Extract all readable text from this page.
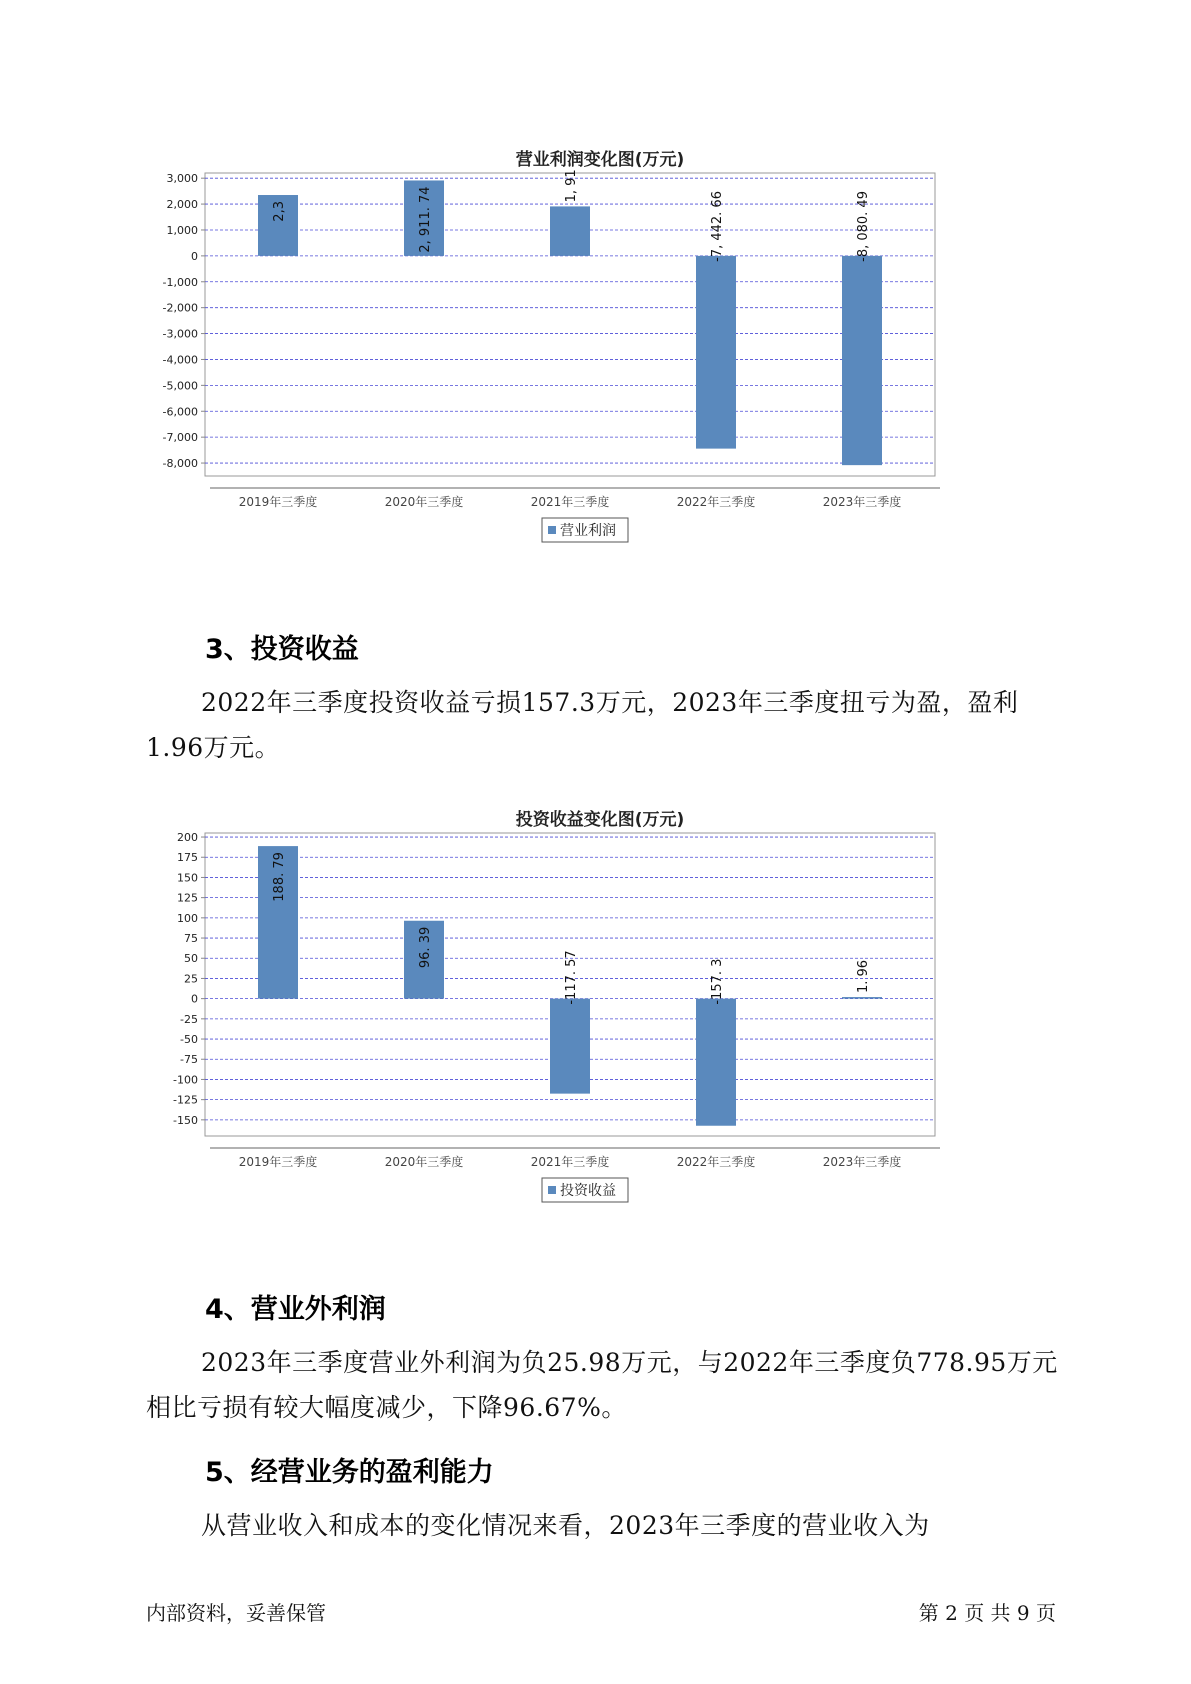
营业利润变化图(万元)
3,000
2,000
1,000
0
-1,000
-2,000
-3,000
-4,000
-5,000
-6,000
-7,000
-8,000
2,3
2019年三季度
2, 911. 74
2020年三季度
1, 91
2021年三季度
-7, 442. 66
2022年三季度
-8, 080. 49
2023年三季度
营业利润
3、投资收益

2022年三季度投资收益亏损157.3万元，2023年三季度扭亏为盈，盈利1.96万元。

投资收益变化图(万元)
200
175
150
125
100
75
50
25
0
-25
-50
-75
-100
-125
-150
188. 79
2019年三季度
96. 39
2020年三季度
-117. 57
2021年三季度
-157. 3
2022年三季度
1. 96
2023年三季度
投资收益
4、营业外利润

2023年三季度营业外利润为负25.98万元，与2022年三季度负778.95万元相比亏损有较大幅度减少，下降96.67%。

5、经营业务的盈利能力

从营业收入和成本的变化情况来看，2023年三季度的营业收入为

内部资料，妥善保管	第 2 页 共 9 页
